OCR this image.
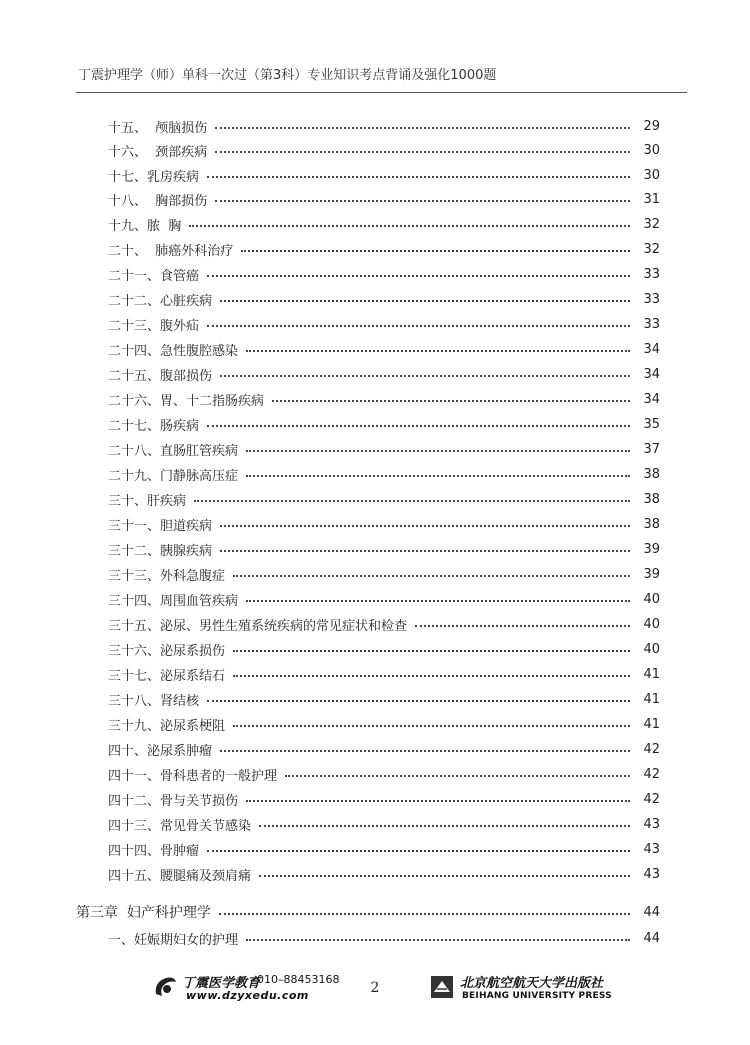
丁震护理学（师）单科一次过（第3科）专业知识考点背诵及强化1000题
十五、  颅脑损伤	29
十六、  颈部疾病	30
十七、乳房疾病	30
十八、  胸部损伤	31
十九、脓  胸	32
二十、  肺癌外科治疗	32
二十一、食管癌	33
二十二、心脏疾病	33
二十三、腹外疝	33
二十四、急性腹腔感染	34
二十五、腹部损伤	34
二十六、胃、十二指肠疾病	34
二十七、肠疾病	35
二十八、直肠肛管疾病	37
二十九、门静脉高压症	38
三十、肝疾病	38
三十一、胆道疾病	38
三十二、胰腺疾病	39
三十三、外科急腹症	39
三十四、周围血管疾病	40
三十五、泌尿、男性生殖系统疾病的常见症状和检查	40
三十六、泌尿系损伤	40
三十七、泌尿系结石	41
三十八、肾结核	41
三十九、泌尿系梗阻	41
四十、泌尿系肿瘤	42
四十一、骨科患者的一般护理	42
四十二、骨与关节损伤	42
四十三、常见骨关节感染	43
四十四、骨肿瘤	43
四十五、腰腿痛及颈肩痛	43
第三章  妇产科护理学	44
一、妊娠期妇女的护理	44
丁震医学教育
010–88453168
www.dzyxedu.com	2	北京航空航天大学出版社
BEIHANG UNIVERSITY PRESS
